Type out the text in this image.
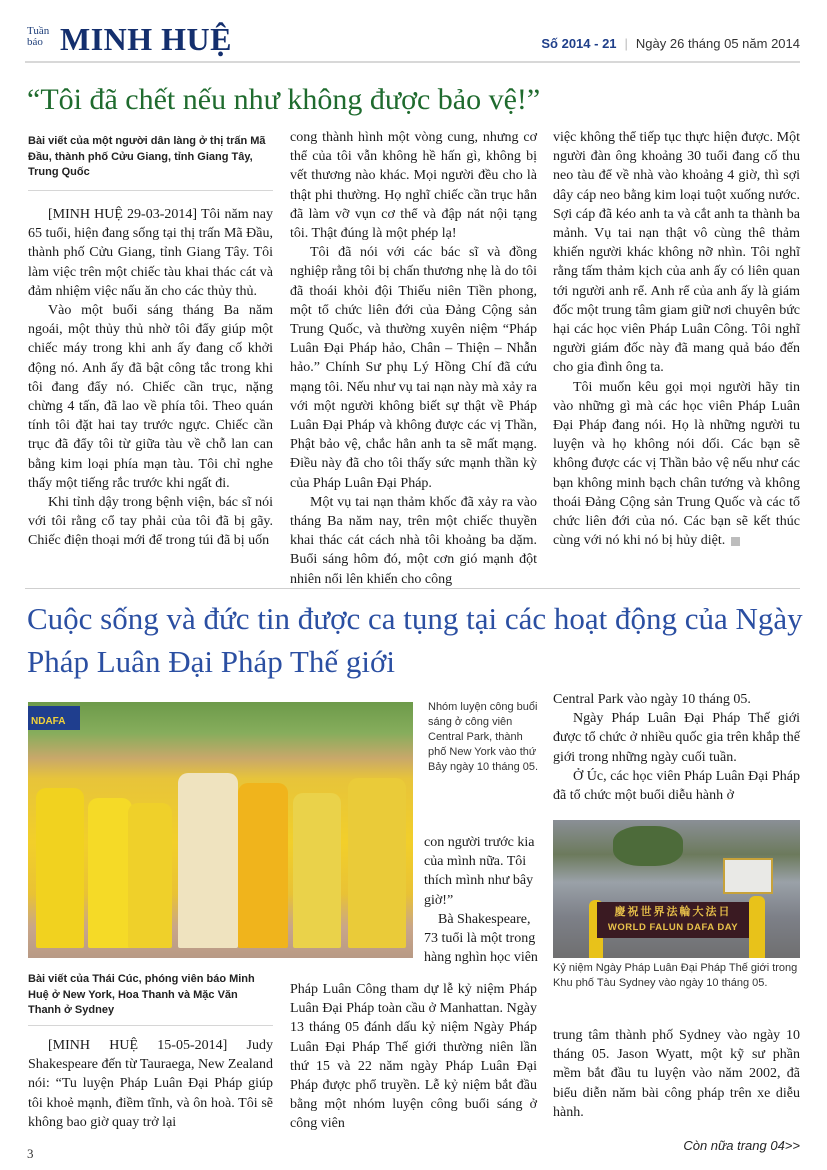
Tuần
báo MINH HUỆ	Số 2014 - 21 | Ngày 26 tháng 05 năm 2014
“Tôi đã chết nếu như không được bảo vệ!”
Bài viết của một người dân làng ở thị trấn Mã Đầu, thành phố Cửu Giang, tỉnh Giang Tây, Trung Quốc

[MINH HUỆ 29-03-2014] Tôi năm nay 65 tuổi, hiện đang sống tại thị trấn Mã Đầu, thành phố Cửu Giang, tỉnh Giang Tây. Tôi làm việc trên một chiếc tàu khai thác cát và đảm nhiệm việc nấu ăn cho các thủy thủ.

Vào một buổi sáng tháng Ba năm ngoái, một thủy thủ nhờ tôi đẩy giúp một chiếc máy trong khi anh ấy đang cố khởi động nó. Anh ấy đã bật công tắc trong khi tôi đang đẩy nó. Chiếc cần trục, nặng chừng 4 tấn, đã lao về phía tôi. Theo quán tính tôi đặt hai tay trước ngực. Chiếc cần trục đã đẩy tôi từ giữa tàu về chỗ lan can bằng kim loại phía mạn tàu. Tôi chỉ nghe thấy một tiếng rắc trước khi ngất đi.

Khi tỉnh dậy trong bệnh viện, bác sĩ nói với tôi rằng cổ tay phải của tôi đã bị gãy. Chiếc điện thoại mới để trong túi đã bị uốn

cong thành hình một vòng cung, nhưng cơ thể của tôi vẫn không hề hấn gì, không bị vết thương nào khác. Mọi người đều cho là thật phi thường. Họ nghĩ chiếc cần trục hẳn đã làm vỡ vụn cơ thể và đập nát nội tạng tôi. Thật đúng là một phép lạ!

Tôi đã nói với các bác sĩ và đồng nghiệp rằng tôi bị chấn thương nhẹ là do tôi đã thoái khỏi đội Thiếu niên Tiền phong, một tổ chức liên đới của Đảng Cộng sản Trung Quốc, và thường xuyên niệm “Pháp Luân Đại Pháp hảo, Chân – Thiện – Nhẫn hảo.” Chính Sư phụ Lý Hồng Chí đã cứu mạng tôi. Nếu như vụ tai nạn này mà xảy ra với một người không biết sự thật về Pháp Luân Đại Pháp và không được các vị Thần, Phật bảo vệ, chắc hẳn anh ta sẽ mất mạng. Điều này đã cho tôi thấy sức mạnh thần kỳ của Pháp Luân Đại Pháp.

Một vụ tai nạn thảm khốc đã xảy ra vào tháng Ba năm nay, trên một chiếc thuyền khai thác cát cách nhà tôi khoảng ba dặm. Buổi sáng hôm đó, một cơn gió mạnh đột nhiên nổi lên khiến cho công

việc không thể tiếp tục thực hiện được. Một người đàn ông khoảng 30 tuổi đang cố thu neo tàu để về nhà vào khoảng 4 giờ, thì sợi dây cáp neo bằng kim loại tuột xuống nước. Sợi cáp đã kéo anh ta và cắt anh ta thành ba mảnh. Vụ tai nạn thật vô cùng thê thảm khiến người khác không nỡ nhìn. Tôi nghĩ rằng tấm thảm kịch của anh ấy có liên quan tới người anh rể. Anh rể của anh ấy là giám đốc một trung tâm giam giữ nơi chuyên bức hại các học viên Pháp Luân Công. Tôi nghĩ người giám đốc này đã mang quả báo đến cho gia đình ông ta.

Tôi muốn kêu gọi mọi người hãy tin vào những gì mà các học viên Pháp Luân Đại Pháp đang nói. Họ là những người tu luyện và họ không nói dối. Các bạn sẽ không được các vị Thần bảo vệ nếu như các bạn không minh bạch chân tướng và không thoái Đảng Cộng sản Trung Quốc và các tổ chức liên đới của nó. Các bạn sẽ kết thúc cùng với nó khi nó bị hủy diệt.

Cuộc sống và đức tin được ca tụng tại các hoạt động của Ngày Pháp Luân Đại Pháp Thế giới
NDAFA
Nhóm luyện công buổi sáng ở công viên Central Park, thành phố New York vào thứ Bảy ngày 10 tháng 05.

con người trước kia của mình nữa. Tôi thích mình như bây giờ!”

Bà Shakespeare, 73 tuổi là một trong hàng nghìn học viên

Pháp Luân Công tham dự lễ kỷ niệm Pháp Luân Đại Pháp toàn cầu ở Manhattan. Ngày 13 tháng 05 đánh dấu kỷ niệm Ngày Pháp Luân Đại Pháp Thế giới thường niên lần thứ 15 và 22 năm ngày Pháp Luân Đại Pháp được phổ truyền. Lễ kỷ niệm bắt đầu bằng một nhóm luyện công buổi sáng ở công viên

Bài viết của Thái Cúc, phóng viên báo Minh Huệ ở New York, Hoa Thanh và Mặc Văn Thanh ở Sydney

[MINH HUỆ 15-05-2014] Judy Shakespeare đến từ Tauraega, New Zealand nói: “Tu luyện Pháp Luân Đại Pháp giúp tôi khoẻ mạnh, điềm tĩnh, và ôn hoà. Tôi sẽ không bao giờ quay trở lại

Central Park vào ngày 10 tháng 05.

Ngày Pháp Luân Đại Pháp Thế giới được tổ chức ở nhiều quốc gia trên khắp thế giới trong những ngày cuối tuần.

Ở Úc, các học viên Pháp Luân Đại Pháp đã tổ chức một buổi diễu hành ở

慶祝世界法輪大法日
WORLD FALUN DAFA DAY
Kỷ niệm Ngày Pháp Luân Đại Pháp Thế giới trong Khu phố Tàu Sydney vào ngày 10 tháng 05.

trung tâm thành phố Sydney vào ngày 10 tháng 05. Jason Wyatt, một kỹ sư phần mềm bắt đầu tu luyện vào năm 2002, đã biểu diễn năm bài công pháp trên xe diễu hành.

Còn nữa trang 04>>
3
